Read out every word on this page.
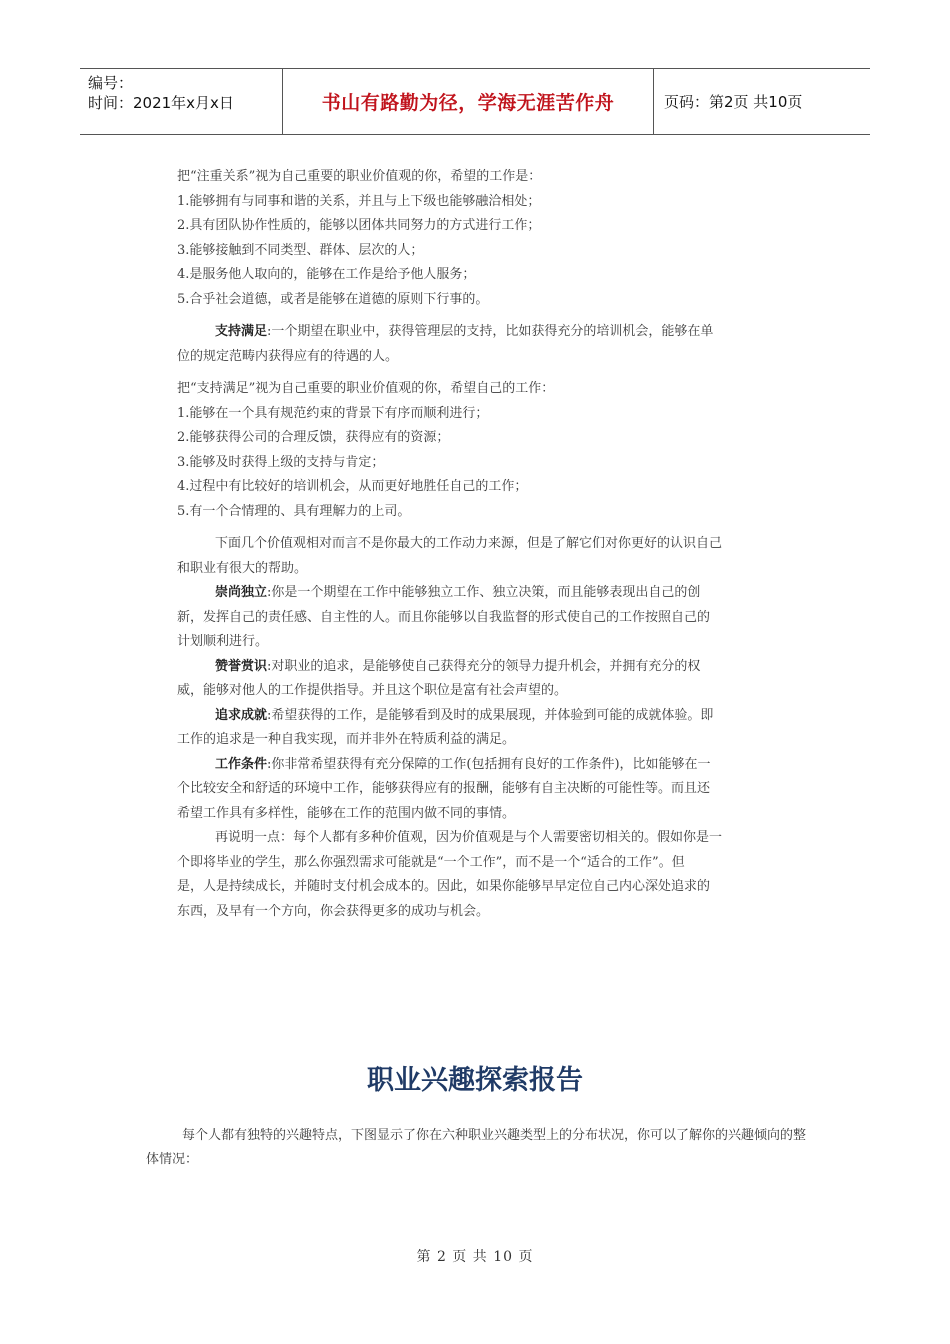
编号：
时间：2021年x月x日	书山有路勤为径，学海无涯苦作舟	页码：第2页 共10页
把“注重关系”视为自己重要的职业价值观的你，希望的工作是：
1.能够拥有与同事和谐的关系，并且与上下级也能够融洽相处；
2.具有团队协作性质的，能够以团体共同努力的方式进行工作；
3.能够接触到不同类型、群体、层次的人；
4.是服务他人取向的，能够在工作是给予他人服务；
5.合乎社会道德，或者是能够在道德的原则下行事的。
支持满足:一个期望在职业中，获得管理层的支持，比如获得充分的培训机会，能够在单
位的规定范畴内获得应有的待遇的人。
把“支持满足”视为自己重要的职业价值观的你，希望自己的工作：
1.能够在一个具有规范约束的背景下有序而顺利进行；
2.能够获得公司的合理反馈，获得应有的资源；
3.能够及时获得上级的支持与肯定；
4.过程中有比较好的培训机会，从而更好地胜任自己的工作；
5.有一个合情理的、具有理解力的上司。
下面几个价值观相对而言不是你最大的工作动力来源，但是了解它们对你更好的认识自己
和职业有很大的帮助。
崇尚独立:你是一个期望在工作中能够独立工作、独立决策，而且能够表现出自己的创
新，发挥自己的责任感、自主性的人。而且你能够以自我监督的形式使自己的工作按照自己的
计划顺利进行。
赞誉赏识:对职业的追求，是能够使自己获得充分的领导力提升机会，并拥有充分的权
威，能够对他人的工作提供指导。并且这个职位是富有社会声望的。
追求成就:希望获得的工作，是能够看到及时的成果展现，并体验到可能的成就体验。即
工作的追求是一种自我实现，而并非外在特质利益的满足。
工作条件:你非常希望获得有充分保障的工作(包括拥有良好的工作条件)，比如能够在一
个比较安全和舒适的环境中工作，能够获得应有的报酬，能够有自主决断的可能性等。而且还
希望工作具有多样性，能够在工作的范围内做不同的事情。
再说明一点：每个人都有多种价值观，因为价值观是与个人需要密切相关的。假如你是一
个即将毕业的学生，那么你强烈需求可能就是“一个工作”，而不是一个“适合的工作”。但
是，人是持续成长，并随时支付机会成本的。因此，如果你能够早早定位自己内心深处追求的
东西，及早有一个方向，你会获得更多的成功与机会。
职业兴趣探索报告
每个人都有独特的兴趣特点，下图显示了你在六种职业兴趣类型上的分布状况，你可以了解你的兴趣倾向的整体情况：
第 2 页 共 10 页
